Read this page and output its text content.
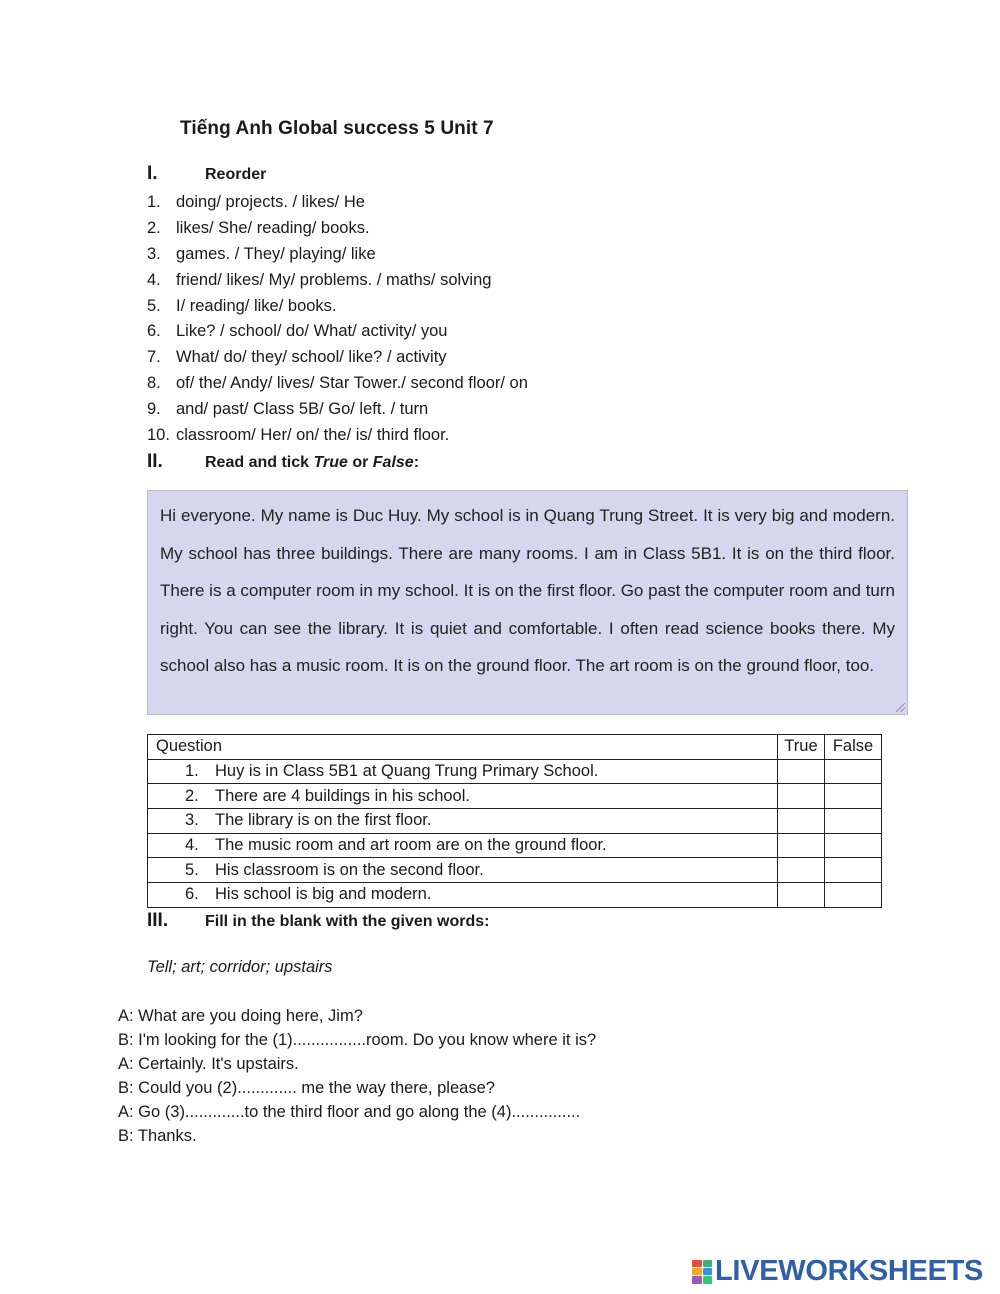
Tiếng Anh Global success 5 Unit 7
I.	Reorder
1. doing/ projects. / likes/ He
2. likes/ She/ reading/ books.
3. games. / They/ playing/ like
4. friend/ likes/ My/ problems. / maths/ solving
5. I/ reading/ like/ books.
6. Like? / school/ do/ What/ activity/ you
7. What/ do/ they/ school/ like? / activity
8. of/ the/ Andy/ lives/ Star Tower./ second floor/ on
9. and/ past/ Class 5B/ Go/ left. / turn
10. classroom/ Her/ on/ the/ is/ third floor.
II.	Read and tick True or False:
Hi everyone. My name is Duc Huy. My school is in Quang Trung Street. It is very big and modern. My school has three buildings. There are many rooms. I am in Class 5B1. It is on the third floor. There is a computer room in my school. It is on the first floor. Go past the computer room and turn right. You can see the library. It is quiet and comfortable. I often read science books there. My school also has a music room. It is on the ground floor. The art room is on the ground floor, too.
Question	True	False
1. Huy is in Class 5B1 at Quang Trung Primary School.		
2. There are 4 buildings in his school.		
3. The library is on the first floor.		
4. The music room and art room are on the ground floor.		
5. His classroom is on the second floor.		
6. His school is big and modern.		
III.	Fill in the blank with the given words:
Tell; art; corridor; upstairs
A: What are you doing here, Jim?
B: I'm looking for the (1)................room. Do you know where it is?
A: Certainly. It's upstairs.
B: Could you (2)............. me the way there, please?
A: Go (3).............to the third floor and go along the (4)...............
B: Thanks.
LIVEWORKSHEETS
